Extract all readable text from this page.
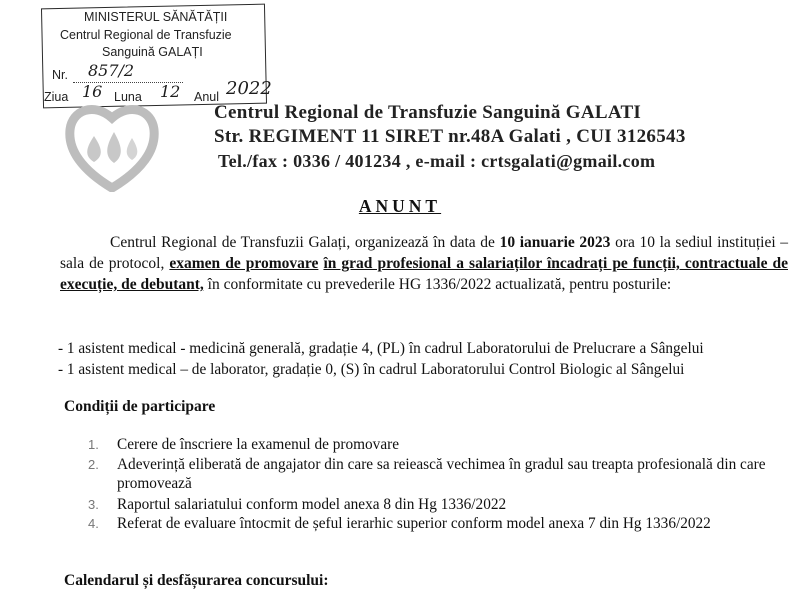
MINISTERUL SĂNĂTĂȚII
Centrul Regional de Transfuzie
Sanguină GALAȚI
Nr. 857/2
Ziua 16 Luna 12 Anul 2022
Centrul Regional de Transfuzie Sanguină GALATI
Str. REGIMENT 11 SIRET nr.48A Galati , CUI 3126543
Tel./fax : 0336 / 401234 , e-mail : crtsgalati@gmail.com
ANUNT
Centrul Regional de Transfuzii Galați, organizează în data de 10 ianuarie 2023 ora 10 la sediul instituției –sala de protocol, examen de promovare în grad profesional a salariaților încadrați pe funcții, contractuale de execuție, de debutant, în conformitate cu prevederile HG 1336/2022 actualizată, pentru posturile:
- 1 asistent medical - medicină generală, gradație 4, (PL) în cadrul Laboratorului de Prelucrare a Sângelui
- 1 asistent medical – de laborator, gradație 0, (S) în cadrul Laboratorului Control Biologic al Sângelui
Condiții de participare
1. Cerere de înscriere la examenul de promovare
2. Adeverință eliberată de angajator din care sa reiească vechimea în gradul sau treapta profesională din care promovează
3. Raportul salariatului conform model anexa 8 din Hg 1336/2022
4. Referat de evaluare întocmit de șeful ierarhic superior conform model anexa 7 din Hg 1336/2022
Calendarul și desfășurarea concursului:
